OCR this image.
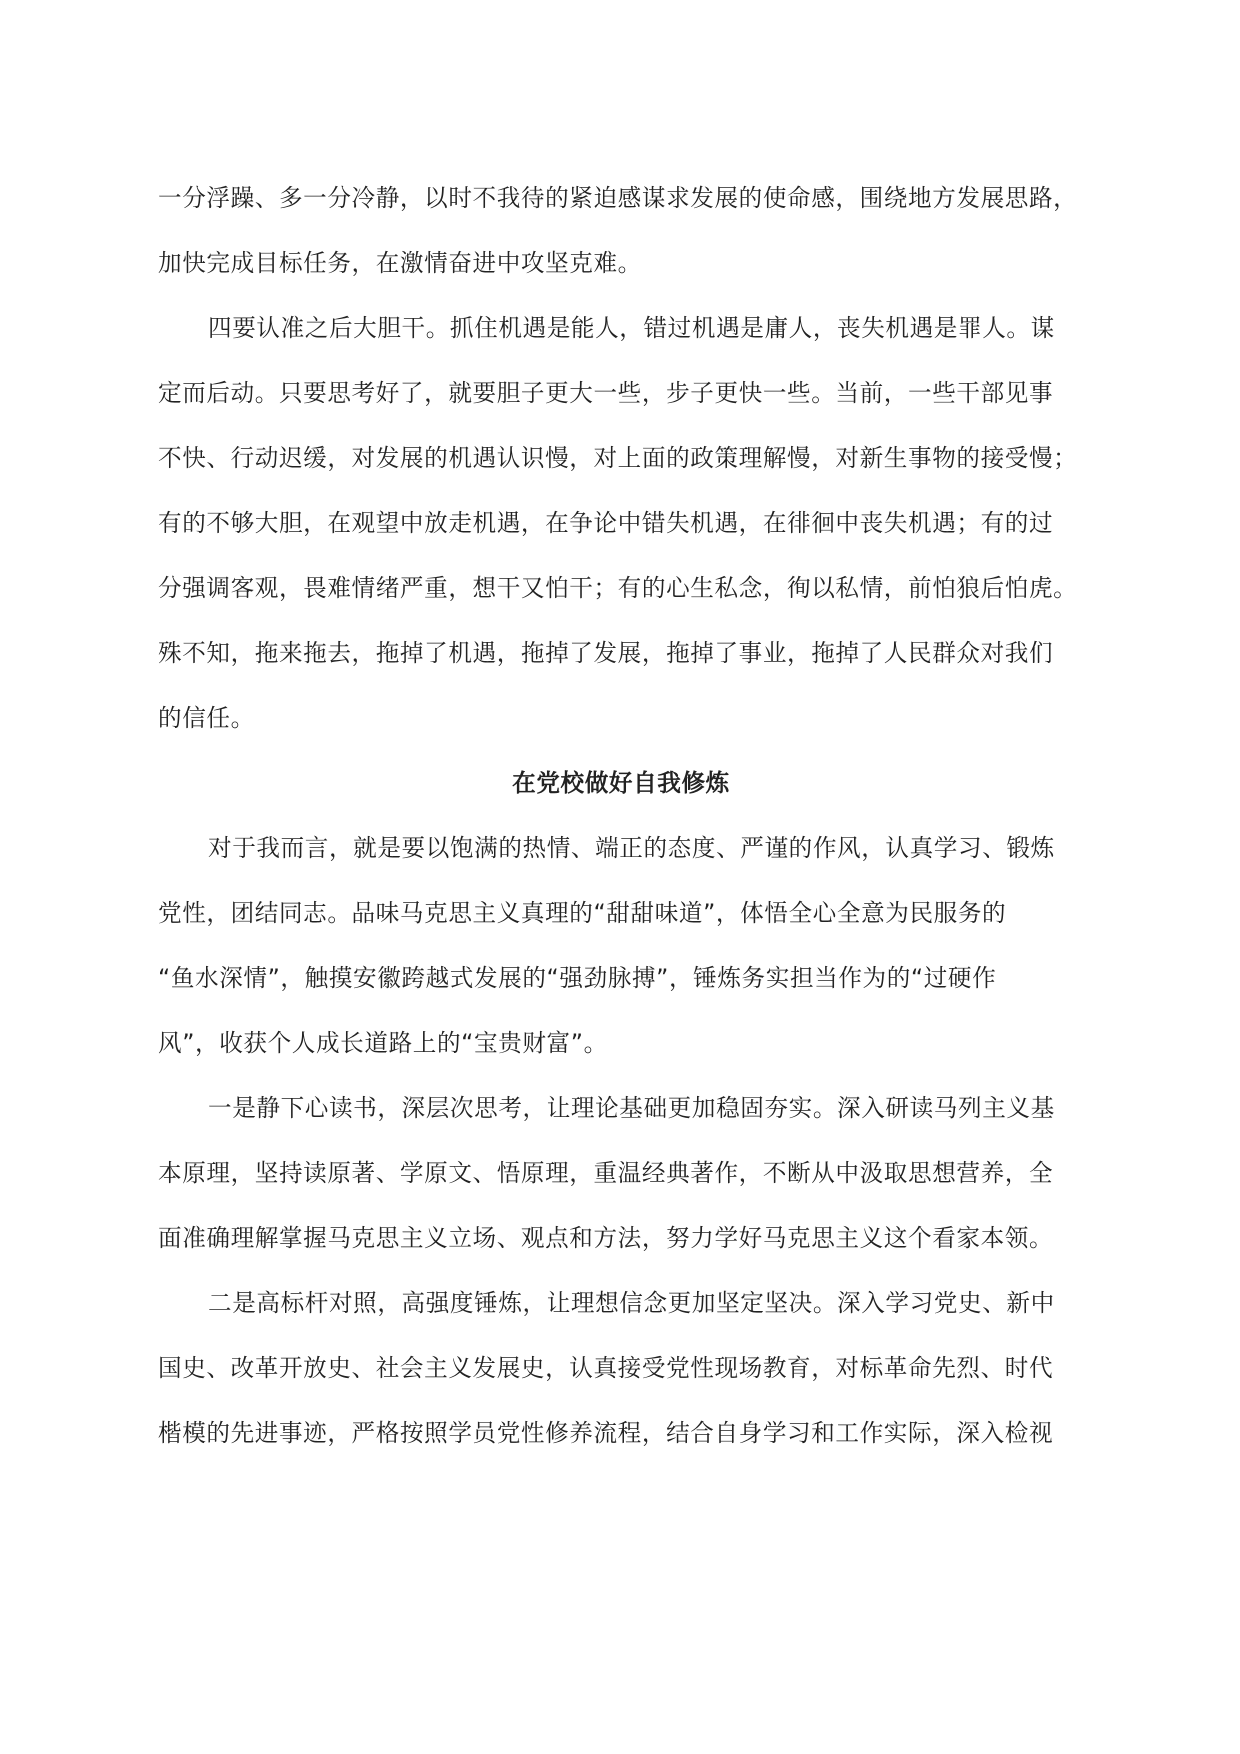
一分浮躁、多一分冷静，以时不我待的紧迫感谋求发展的使命感，围绕地方发展思路，

加快完成目标任务，在激情奋进中攻坚克难。

四要认准之后大胆干。抓住机遇是能人，错过机遇是庸人，丧失机遇是罪人。谋

定而后动。只要思考好了，就要胆子更大一些，步子更快一些。当前，一些干部见事

不快、行动迟缓，对发展的机遇认识慢，对上面的政策理解慢，对新生事物的接受慢；

有的不够大胆，在观望中放走机遇，在争论中错失机遇，在徘徊中丧失机遇；有的过

分强调客观，畏难情绪严重，想干又怕干；有的心生私念，徇以私情，前怕狼后怕虎。

殊不知，拖来拖去，拖掉了机遇，拖掉了发展，拖掉了事业，拖掉了人民群众对我们

的信任。

在党校做好自我修炼

对于我而言，就是要以饱满的热情、端正的态度、严谨的作风，认真学习、锻炼

党性，团结同志。品味马克思主义真理的“甜甜味道”，体悟全心全意为民服务的

“鱼水深情”，触摸安徽跨越式发展的“强劲脉搏”，锤炼务实担当作为的“过硬作

风”，收获个人成长道路上的“宝贵财富”。

一是静下心读书，深层次思考，让理论基础更加稳固夯实。深入研读马列主义基

本原理，坚持读原著、学原文、悟原理，重温经典著作，不断从中汲取思想营养，全

面准确理解掌握马克思主义立场、观点和方法，努力学好马克思主义这个看家本领。

二是高标杆对照，高强度锤炼，让理想信念更加坚定坚决。深入学习党史、新中

国史、改革开放史、社会主义发展史，认真接受党性现场教育，对标革命先烈、时代

楷模的先进事迹，严格按照学员党性修养流程，结合自身学习和工作实际，深入检视
